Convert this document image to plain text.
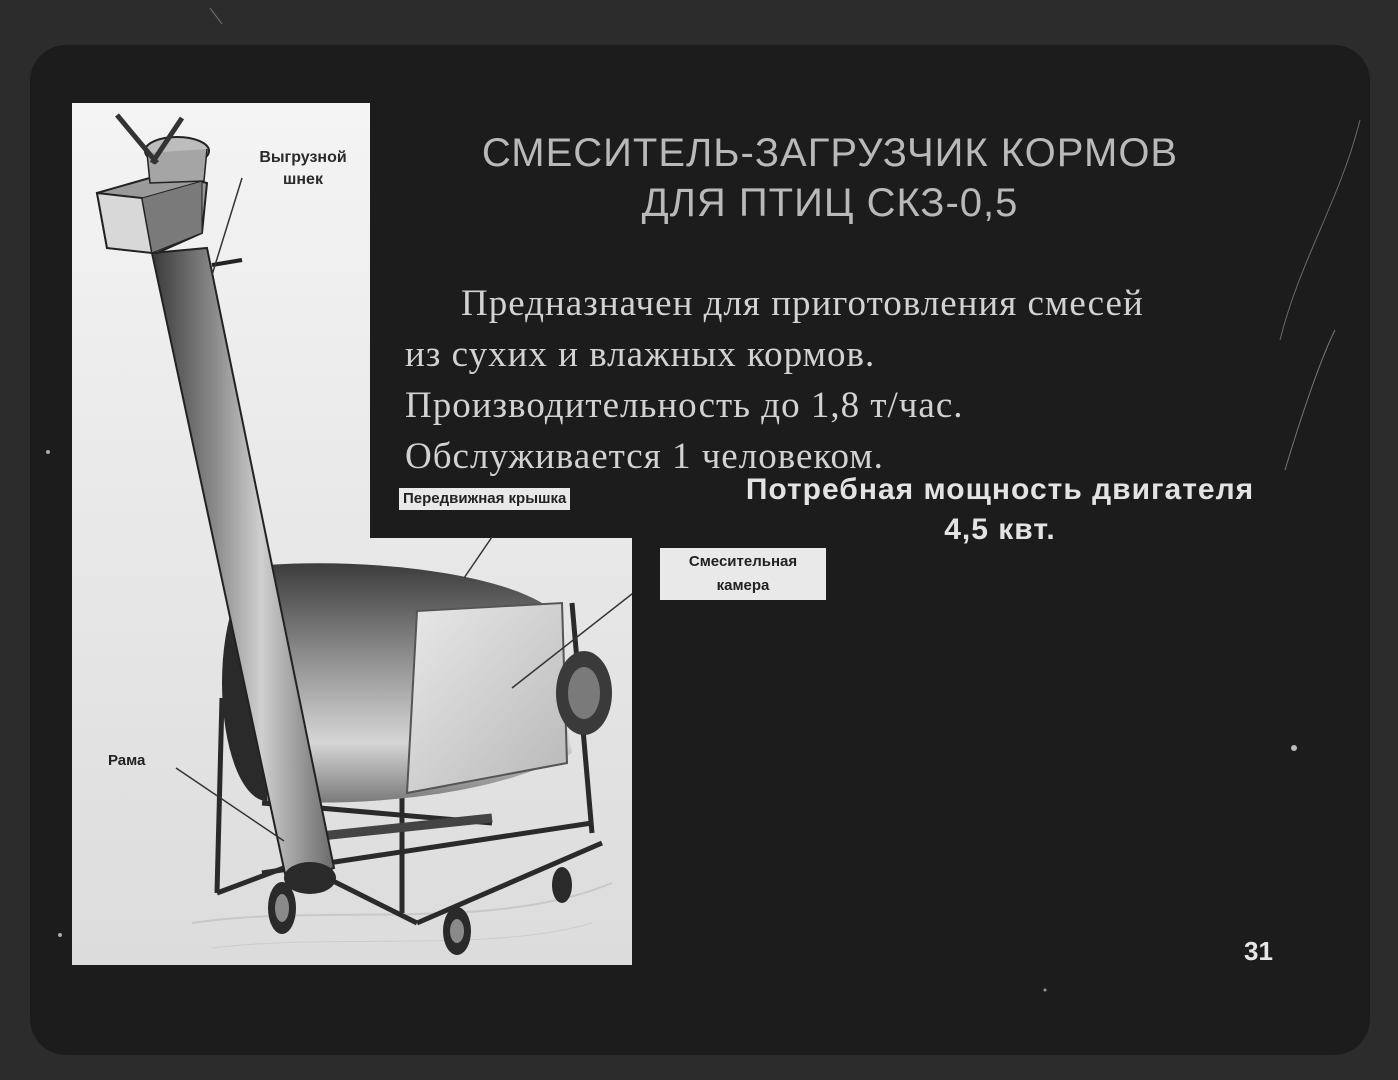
Выгрузной шнек
Передвижная крышка
Смесительная камера
Рама
СМЕСИТЕЛЬ-ЗАГРУЗЧИК КОРМОВ
ДЛЯ ПТИЦ СКЗ-0,5
Предназначен для приготовления смесей
из сухих и влажных кормов.
Производительность до 1,8 т/час.
Обслуживается 1 человеком.
Потребная мощность двигателя
4,5 квт.
31
